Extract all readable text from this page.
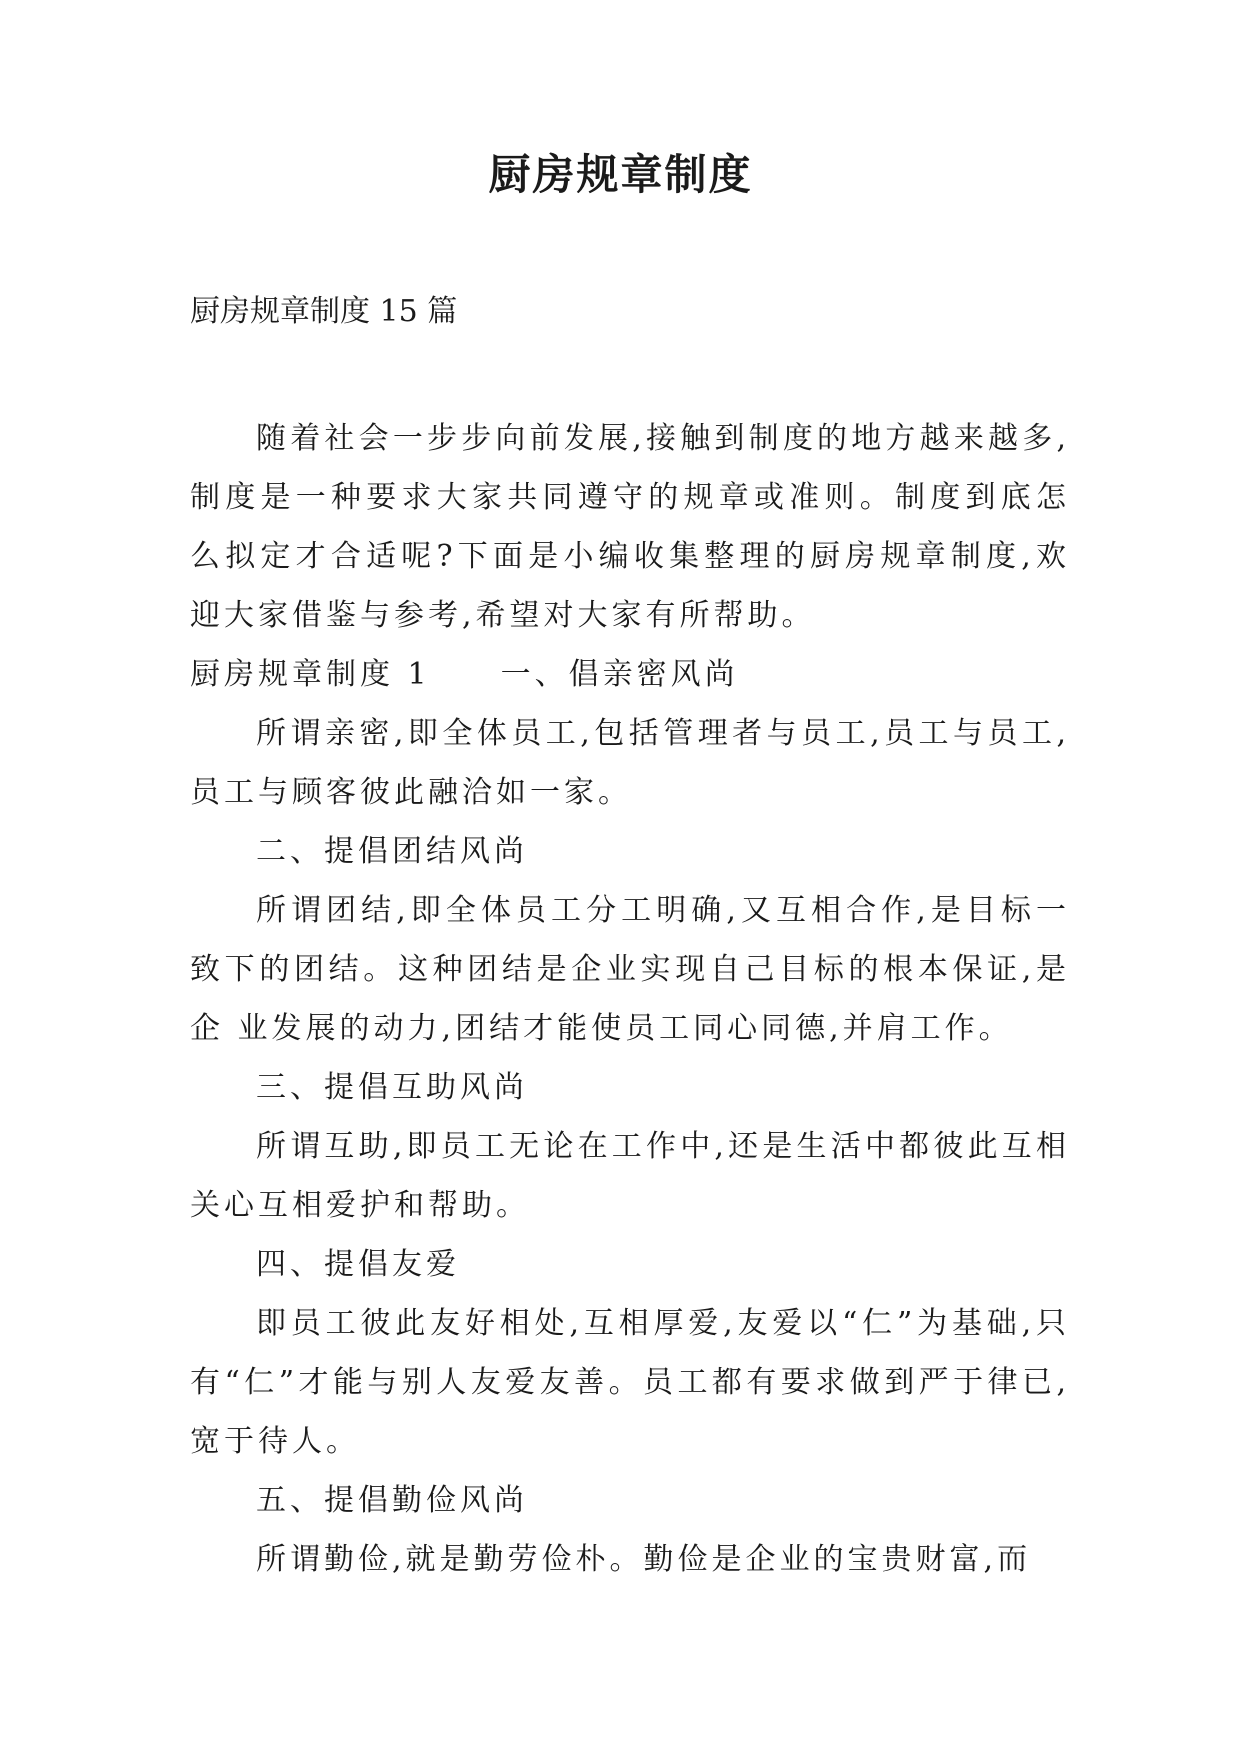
厨房规章制度
厨房规章制度 15 篇

随着社会一步步向前发展,接触到制度的地方越来越多,制度是一种要求大家共同遵守的规章或准则。制度到底怎么拟定才合适呢?下面是小编收集整理的厨房规章制度,欢迎大家借鉴与参考,希望对大家有所帮助。

厨房规章制度 1 一、倡亲密风尚

所谓亲密,即全体员工,包括管理者与员工,员工与员工,员工与顾客彼此融洽如一家。

二、提倡团结风尚

所谓团结,即全体员工分工明确,又互相合作,是目标一致下的团结。这种团结是企业实现自己目标的根本保证,是企 业发展的动力,团结才能使员工同心同德,并肩工作。

三、提倡互助风尚

所谓互助,即员工无论在工作中,还是生活中都彼此互相关心互相爱护和帮助。

四、提倡友爱

即员工彼此友好相处,互相厚爱,友爱以“仁”为基础,只有“仁”才能与别人友爱友善。员工都有要求做到严于律已,宽于待人。

五、提倡勤俭风尚

所谓勤俭,就是勤劳俭朴。勤俭是企业的宝贵财富,而
